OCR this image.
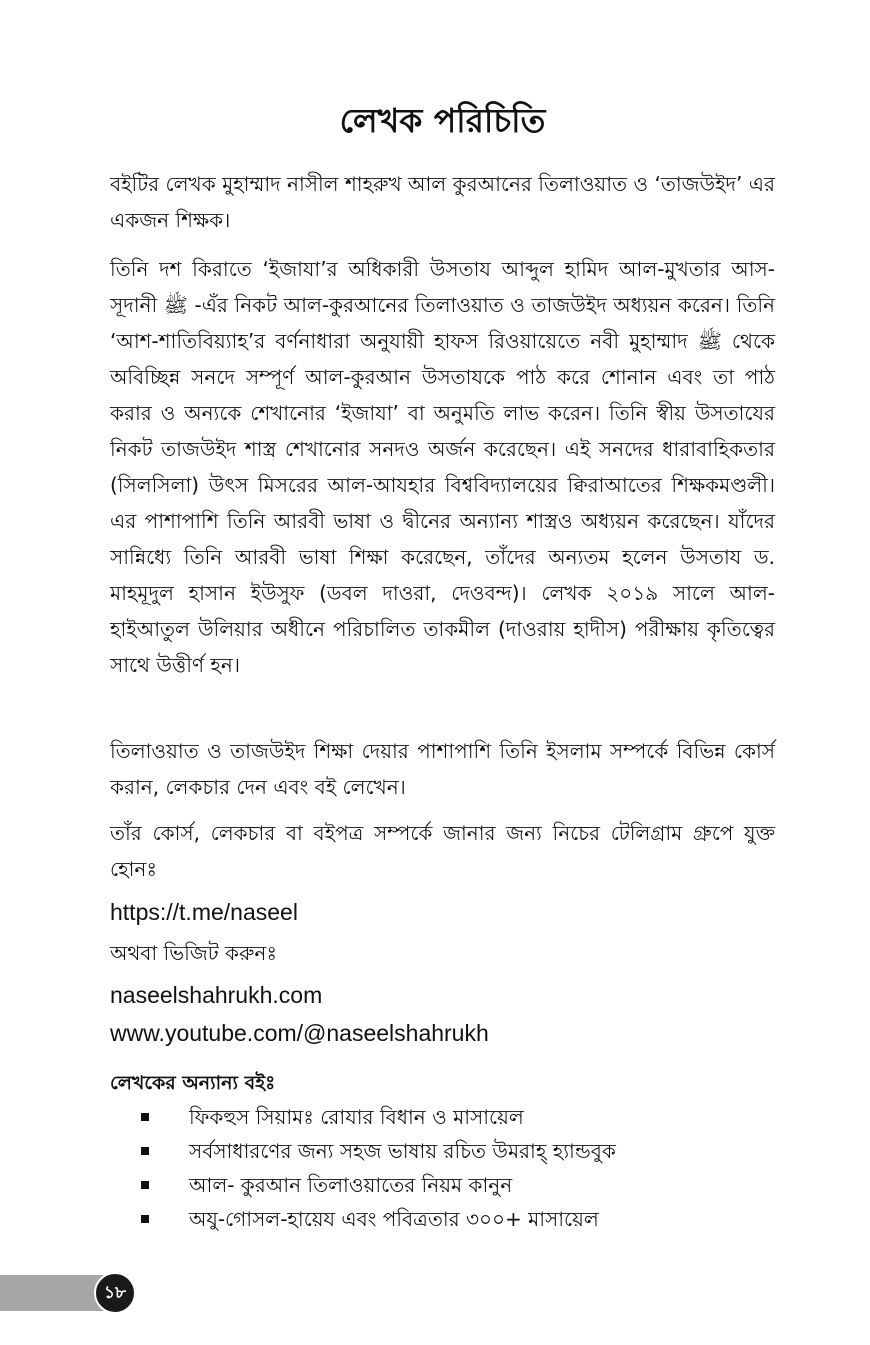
লেখক পরিচিতি

বইটির লেখক মুহাম্মাদ নাসীল শাহরুখ আল কুরআনের তিলাওয়াত ও ‘তাজউইদ’ এর একজন শিক্ষক।

তিনি দশ কিরাতে ‘ইজাযা’র অধিকারী উসতায আব্দুল হামিদ আল-মুখতার আস-সূদানী ﷺ -এঁর নিকট আল-কুরআনের তিলাওয়াত ও তাজউইদ অধ্যয়ন করেন। তিনি ‘আশ-শাতিবিয়্যাহ’র বর্ণনাধারা অনুযায়ী হাফস রিওয়ায়েতে নবী মুহাম্মাদ ﷺ থেকে অবিচ্ছিন্ন সনদে সম্পূর্ণ আল-কুরআন উসতাযকে পাঠ করে শোনান এবং তা পাঠ করার ও অন্যকে শেখানোর ‘ইজাযা’ বা অনুমতি লাভ করেন। তিনি স্বীয় উসতাযের নিকট তাজউইদ শাস্ত্র শেখানোর সনদও অর্জন করেছেন। এই সনদের ধারাবাহিকতার (সিলসিলা) উৎস মিসরের আল-আযহার বিশ্ববিদ্যালয়ের ক্বিরাআতের শিক্ষকমণ্ডলী। এর পাশাপাশি তিনি আরবী ভাষা ও দ্বীনের অন্যান্য শাস্ত্রও অধ্যয়ন করেছেন। যাঁদের সান্নিধ্যে তিনি আরবী ভাষা শিক্ষা করেছেন, তাঁদের অন্যতম হলেন উসতায ড. মাহমূদুল হাসান ইউসুফ (ডবল দাওরা, দেওবন্দ)। লেখক ২০১৯ সালে আল-হাইআতুল উলিয়ার অধীনে পরিচালিত তাকমীল (দাওরায় হাদীস) পরীক্ষায় কৃতিত্বের সাথে উত্তীর্ণ হন।

তিলাওয়াত ও তাজউইদ শিক্ষা দেয়ার পাশাপাশি তিনি ইসলাম সম্পর্কে বিভিন্ন কোর্স করান, লেকচার দেন এবং বই লেখেন।

তাঁর কোর্স, লেকচার বা বইপত্র সম্পর্কে জানার জন্য নিচের টেলিগ্রাম গ্রুপে যুক্ত হোনঃ

https://t.me/naseel

অথবা ভিজিট করুনঃ

naseelshahrukh.com

www.youtube.com/@naseelshahrukh

লেখকের অন্যান্য বইঃ

ফিকহুস সিয়ামঃ রোযার বিধান ও মাসায়েল
সর্বসাধারণের জন্য সহজ ভাষায় রচিত উমরাহ্ হ্যান্ডবুক
আল- কুরআন তিলাওয়াতের নিয়ম কানুন
অযু-গোসল-হায়েয এবং পবিত্রতার ৩০০+ মাসায়েল
১৮
